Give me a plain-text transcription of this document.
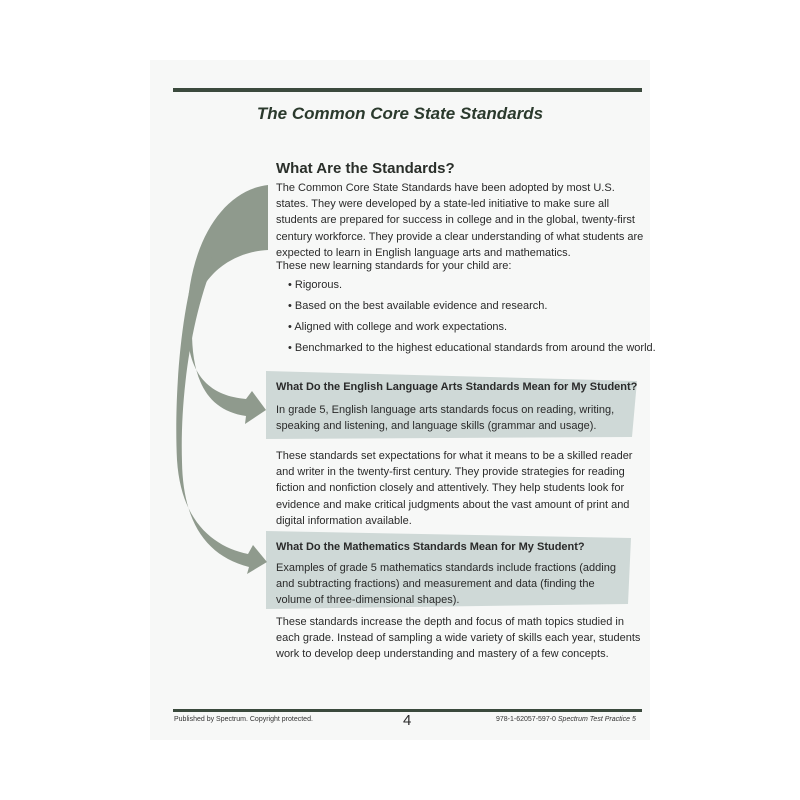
The Common Core State Standards
What Are the Standards?
The Common Core State Standards have been adopted by most U.S. states. They were developed by a state-led initiative to make sure all students are prepared for success in college and in the global, twenty-first century workforce. They provide a clear understanding of what students are expected to learn in English language arts and mathematics.
These new learning standards for your child are:
• Rigorous.
• Based on the best available evidence and research.
• Aligned with college and work expectations.
• Benchmarked to the highest educational standards from around the world.
What Do the English Language Arts Standards Mean for My Student?
In grade 5, English language arts standards focus on reading, writing, speaking and listening, and language skills (grammar and usage).
These standards set expectations for what it means to be a skilled reader and writer in the twenty-first century. They provide strategies for reading fiction and nonfiction closely and attentively. They help students look for evidence and make critical judgments about the vast amount of print and digital information available.
What Do the Mathematics Standards Mean for My Student?
Examples of grade 5 mathematics standards include fractions (adding and subtracting fractions) and measurement and data (finding the volume of three-dimensional shapes).
These standards increase the depth and focus of math topics studied in each grade. Instead of sampling a wide variety of skills each year, students work to develop deep understanding and mastery of a few concepts.
Published by Spectrum. Copyright protected.	4	978-1-62057-597-0 Spectrum Test Practice 5
